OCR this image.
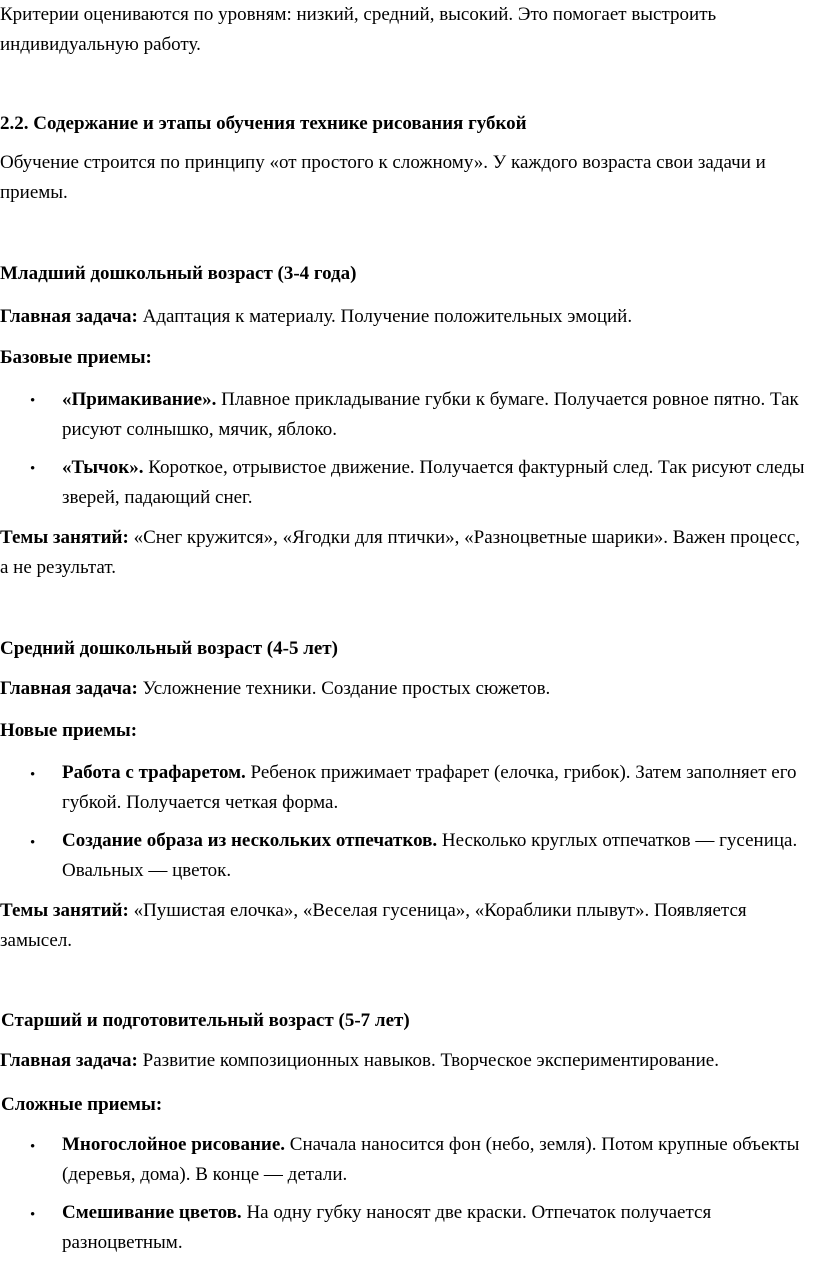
Критерии оцениваются по уровням: низкий, средний, высокий. Это помогает выстроить индивидуальную работу.

2.2. Содержание и этапы обучения технике рисования губкой

Обучение строится по принципу «от простого к сложному». У каждого возраста свои задачи и приемы.

Младший дошкольный возраст (3-4 года)

Главная задача: Адаптация к материалу. Получение положительных эмоций.

Базовые приемы:

• «Примакивание». Плавное прикладывание губки к бумаге. Получается ровное пятно. Так рисуют солнышко, мячик, яблоко.

• «Тычок». Короткое, отрывистое движение. Получается фактурный след. Так рисуют следы зверей, падающий снег.

Темы занятий: «Снег кружится», «Ягодки для птички», «Разноцветные шарики». Важен процесс, а не результат.

Средний дошкольный возраст (4-5 лет)

Главная задача: Усложнение техники. Создание простых сюжетов.

Новые приемы:

• Работа с трафаретом. Ребенок прижимает трафарет (елочка, грибок). Затем заполняет его губкой. Получается четкая форма.

• Создание образа из нескольких отпечатков. Несколько круглых отпечатков — гусеница. Овальных — цветок.

Темы занятий: «Пушистая елочка», «Веселая гусеница», «Кораблики плывут». Появляется замысел.

Старший и подготовительный возраст (5-7 лет)

Главная задача: Развитие композиционных навыков. Творческое экспериментирование.

Сложные приемы:

• Многослойное рисование. Сначала наносится фон (небо, земля). Потом крупные объекты (деревья, дома). В конце — детали.

• Смешивание цветов. На одну губку наносят две краски. Отпечаток получается разноцветным.
